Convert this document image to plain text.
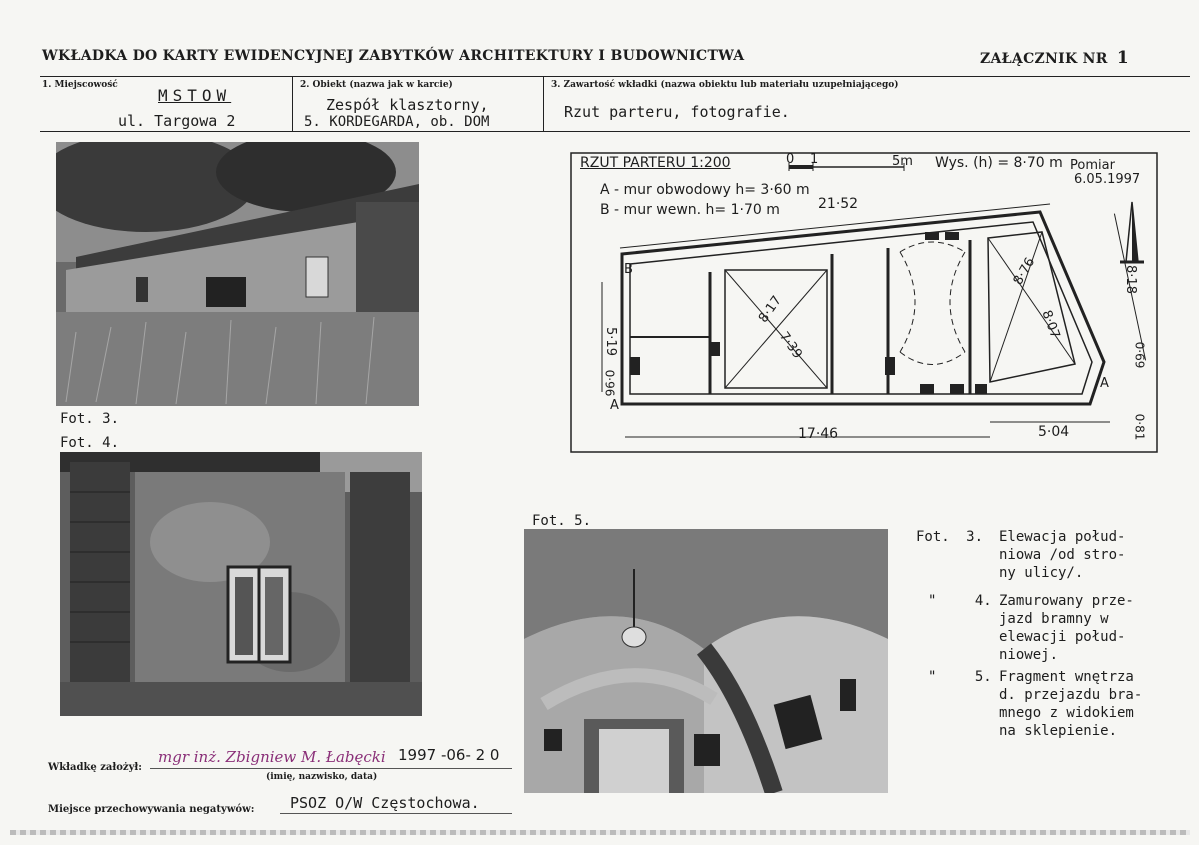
WKŁADKA DO KARTY EWIDENCYJNEJ ZABYTKÓW ARCHITEKTURY I BUDOWNICTWA	ZAŁĄCZNIK NR 1
1. Miejscowość
MSTOW
ul. Targowa 2
2. Obiekt (nazwa jak w karcie)
Zespół klasztorny,
5. KORDEGARDA, ob. DOM
3. Zawartość wkładki (nazwa obiektu lub materiału uzupełniającego)
Rzut parteru, fotografie.
Fot. 3.
Fot. 4.
RZUT PARTERU 1:200	0 1	5m Wys. (h) = 8·70 m Pomiar
6.05.1997
A - mur obwodowy h= 3·60 m
B - mur wewn. h= 1·70 m	21·52
17·46	5·04
8·18
0·69
0·81
5·19
0·96
8·17
7·39
8·76
8·07
B
A
A
Fot. 5.
Fot. 3. Elewacja połud-
niowa /od stro-
ny ulicy/.
"	4. Zamurowany prze-
jazd bramny w
elewacji połud-
niowej.
"	5. Fragment wnętrza
d. przejazdu bra-
mnego z widokiem
na sklepienie.
Wkładkę założył:
mgr inż. Zbigniew M. Łabęcki 1997 -06- 2 0
(imię, nazwisko, data)
Miejsce przechowywania negatywów: PSOZ O/W Częstochowa.
